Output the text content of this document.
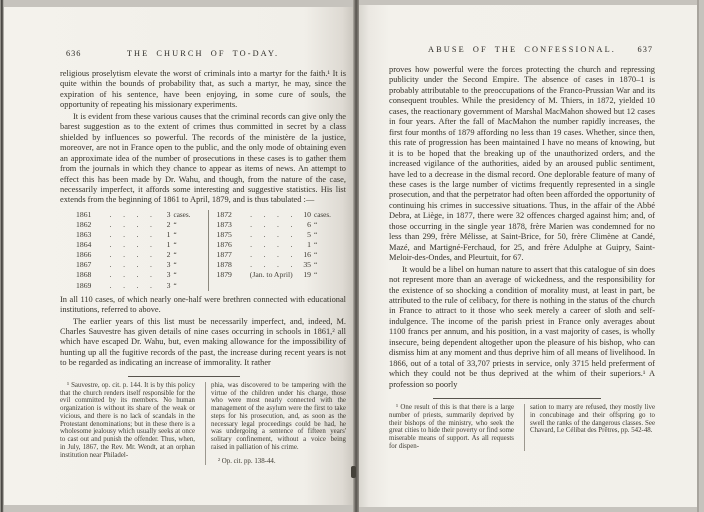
636	THE CHURCH OF TO-DAY.

religious proselytism elevate the worst of criminals into a martyr for the faith.¹ It is quite within the bounds of probability that, as such a martyr, he may, since the expiration of his sentence, have been enjoying, in some cure of souls, the opportunity of repeating his missionary experiments.

It is evident from these various causes that the criminal records can give only the barest suggestion as to the extent of crimes thus committed in secret by a class shielded by influences so powerful. The records of the ministère de la justice, moreover, are not in France open to the public, and the only mode of obtaining even an approximate idea of the number of prosecutions in these cases is to gather them from the journals in which they chance to appear as items of news. An attempt to effect this has been made by Dr. Wahu, and though, from the nature of the case, necessarily imperfect, it affords some interesting and suggestive statistics. His list extends from the beginning of 1861 to April, 1879, and is thus tabulated :—

1861	.  .  .  .	3 cases.
1862	.  .  .  .	2 “
1863	.  .  .  .	1 “
1864	.  .  .  .	1 “
1866	.  .  .  .	2 “
1867	.  .  .  .	3 “
1868	.  .  .  .	3 “
1869	.  .  .  .	3 “
1872	.  .  .  .	10 cases.
1873	.  .  .  .	6 “
1875	.  .  .  .	5 “
1876	.  .  .  .	1 “
1877	.  .  .  .	16 “
1878	.  .  .  .	35 “
1879	(Jan. to April)	19 “

In all 110 cases, of which nearly one-half were brethren connected with educational institutions, referred to above.

The earlier years of this list must be necessarily imperfect, and, indeed, M. Charles Sauvestre has given details of nine cases occurring in schools in 1861,² all which have escaped Dr. Wahu, but, even making allowance for the impossibility of hunting up all the fugitive records of the past, the increase during recent years is not to be regarded as indicating an increase of immorality. It rather

¹ Sauvestre, op. cit. p. 144. It is by this policy that the church renders itself responsible for the evil committed by its members. No human organization is without its share of the weak or vicious, and there is no lack of scandals in the Protestant denominations; but in these there is a wholesome jealousy which usually seeks at once to cast out and punish the offender. Thus, when, in July, 1867, the Rev. Mr. Wendt, at an orphan institution near Philadel-

phia, was discovered to be tampering with the virtue of the children under his charge, those who were most nearly connected with the management of the asylum were the first to take steps for his prosecution, and, as soon as the necessary legal proceedings could be had, he was undergoing a sentence of fifteen years' solitary confinement, without a voice being raised in palliation of his crime.

² Op. cit. pp. 138-44.

ABUSE OF THE CONFESSIONAL.	637

proves how powerful were the forces protecting the church and repressing publicity under the Second Empire. The absence of cases in 1870–1 is probably attributable to the preoccupations of the Franco-Prussian War and its consequent troubles. While the presidency of M. Thiers, in 1872, yielded 10 cases, the reactionary government of Marshal MacMahon showed but 12 cases in four years. After the fall of MacMahon the number rapidly increases, the first four months of 1879 affording no less than 19 cases. Whether, since then, this rate of progression has been maintained I have no means of knowing, but it is to be hoped that the breaking up of the unauthorized orders, and the increased vigilance of the authorities, aided by an aroused public sentiment, have led to a decrease in the dismal record. One deplorable feature of many of these cases is the large number of victims frequently represented in a single prosecution, and that the perpetrator had often been afforded the opportunity of continuing his crimes in successive situations. Thus, in the affair of the Abbé Debra, at Liège, in 1877, there were 32 offences charged against him; and, of those occurring in the single year 1878, frère Marien was condemned for no less than 299, frère Mélisse, at Saint-Brice, for 50, frère Climène at Candé, Mazé, and Martigné-Ferchaud, for 25, and frère Adulphe at Guipry, Saint-Meloir-des-Ondes, and Pleurtuit, for 67.

It would be a libel on human nature to assert that this catalogue of sin does not represent more than an average of wickedness, and the responsibility for the existence of so shocking a condition of morality must, at least in part, be attributed to the rule of celibacy, for there is nothing in the status of the church in France to attract to it those who seek merely a career of sloth and self-indulgence. The income of the parish priest in France only averages about 1100 francs per annum, and his position, in a vast majority of cases, is wholly insecure, being dependent altogether upon the pleasure of his bishop, who can dismiss him at any moment and thus deprive him of all means of livelihood. In 1866, out of a total of 33,707 priests in service, only 3715 held preferment of which they could not be thus deprived at the whim of their superiors.¹ A profession so poorly

¹ One result of this is that there is a large number of priests, summarily deprived by their bishops of the ministry, who seek the great cities to hide their poverty or find some miserable means of support. As all requests for dispen-

sation to marry are refused, they mostly live in concubinage and their offspring go to swell the ranks of the dangerous classes. See Chavard, Le Célibat des Prêtres, pp. 542-48.
